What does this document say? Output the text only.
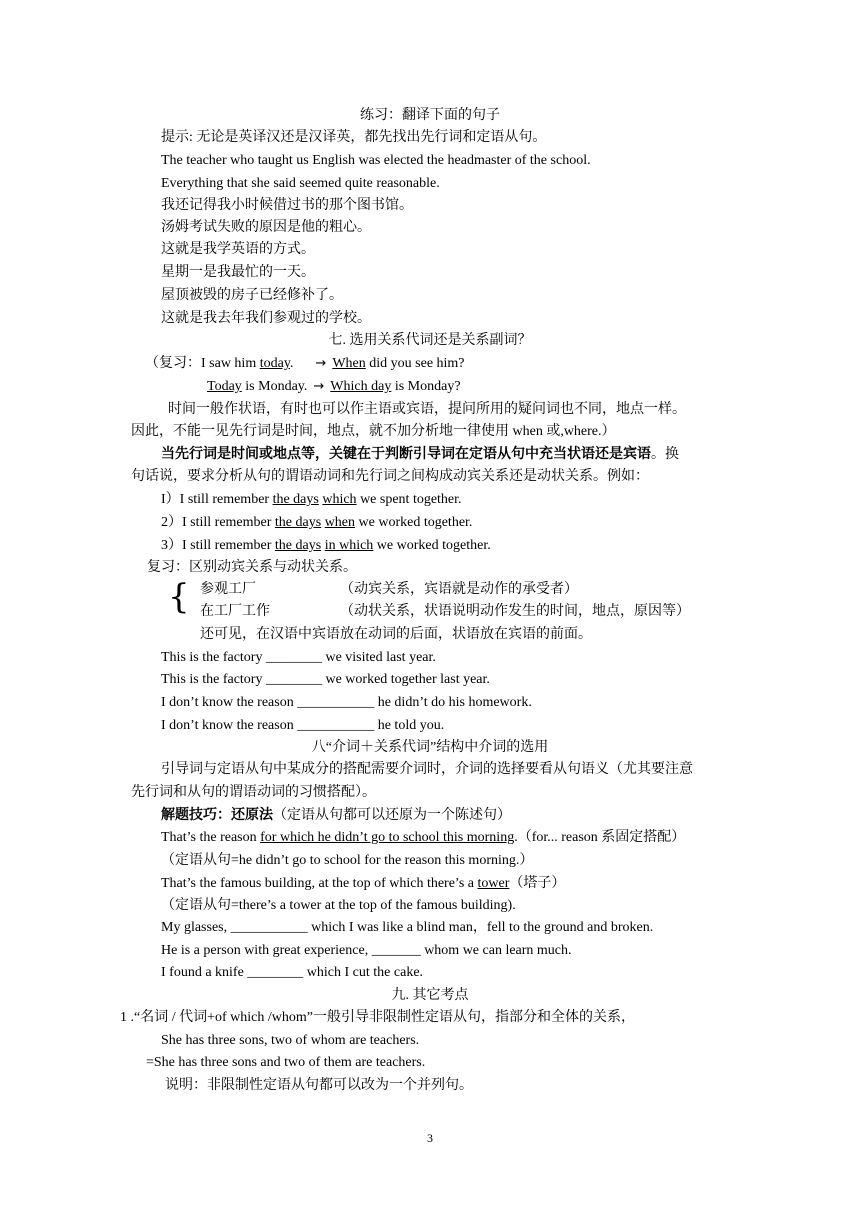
练习：翻译下面的句子
提示: 无论是英译汉还是汉译英，都先找出先行词和定语从句。
The teacher who taught us English was elected the headmaster of the school.
Everything that she said seemed quite reasonable.
我还记得我小时候借过书的那个图书馆。
汤姆考试失败的原因是他的粗心。
这就是我学英语的方式。
星期一是我最忙的一天。
屋顶被毁的房子已经修补了。
这就是我去年我们参观过的学校。
七. 选用关系代词还是关系副词？
（复习：I saw him today. → When did you see him?
Today is Monday. → Which day is Monday?
时间一般作状语，有时也可以作主语或宾语，提问所用的疑问词也不同，地点一样。
因此，不能一见先行词是时间，地点，就不加分析地一律使用 when 或,where.）
当先行词是时间或地点等，关键在于判断引导词在定语从句中充当状语还是宾语。换
句话说，要求分析从句的谓语动词和先行词之间构成动宾关系还是动状关系。例如：
I）I still remember the days which we spent together.
2）I still remember the days when we worked together.
3）I still remember the days in which we worked together.
复习：区别动宾关系与动状关系。
{ 参观工厂	（动宾关系，宾语就是动作的承受者）
在工厂工作	（动状关系，状语说明动作发生的时间，地点，原因等）
还可见，在汉语中宾语放在动词的后面，状语放在宾语的前面。
This is the factory ________ we visited last year.
This is the factory ________ we worked together last year.
I don’t know the reason ___________ he didn’t do his homework.
I don’t know the reason ___________ he told you.
八“介词＋关系代词”结构中介词的选用
引导词与定语从句中某成分的搭配需要介词时，介词的选择要看从句语义（尤其要注意
先行词和从句的谓语动词的习惯搭配）。
解题技巧：还原法（定语从句都可以还原为一个陈述句）
That’s the reason for which he didn’t go to school this morning.（for... reason 系固定搭配）
（定语从句=he didn’t go to school for the reason this morning.）
That’s the famous building, at the top of which there’s a tower（塔子）
（定语从句=there’s a tower at the top of the famous building).
My glasses, ___________ which I was like a blind man，fell to the ground and broken.
He is a person with great experience, _______ whom we can learn much.
I found a knife ________ which I cut the cake.
九. 其它考点
1 .“名词 / 代词+of which /whom”一般引导非限制性定语从句，指部分和全体的关系，
She has three sons, two of whom are teachers.
=She has three sons and two of them are teachers.
说明：非限制性定语从句都可以改为一个并列句。
3
